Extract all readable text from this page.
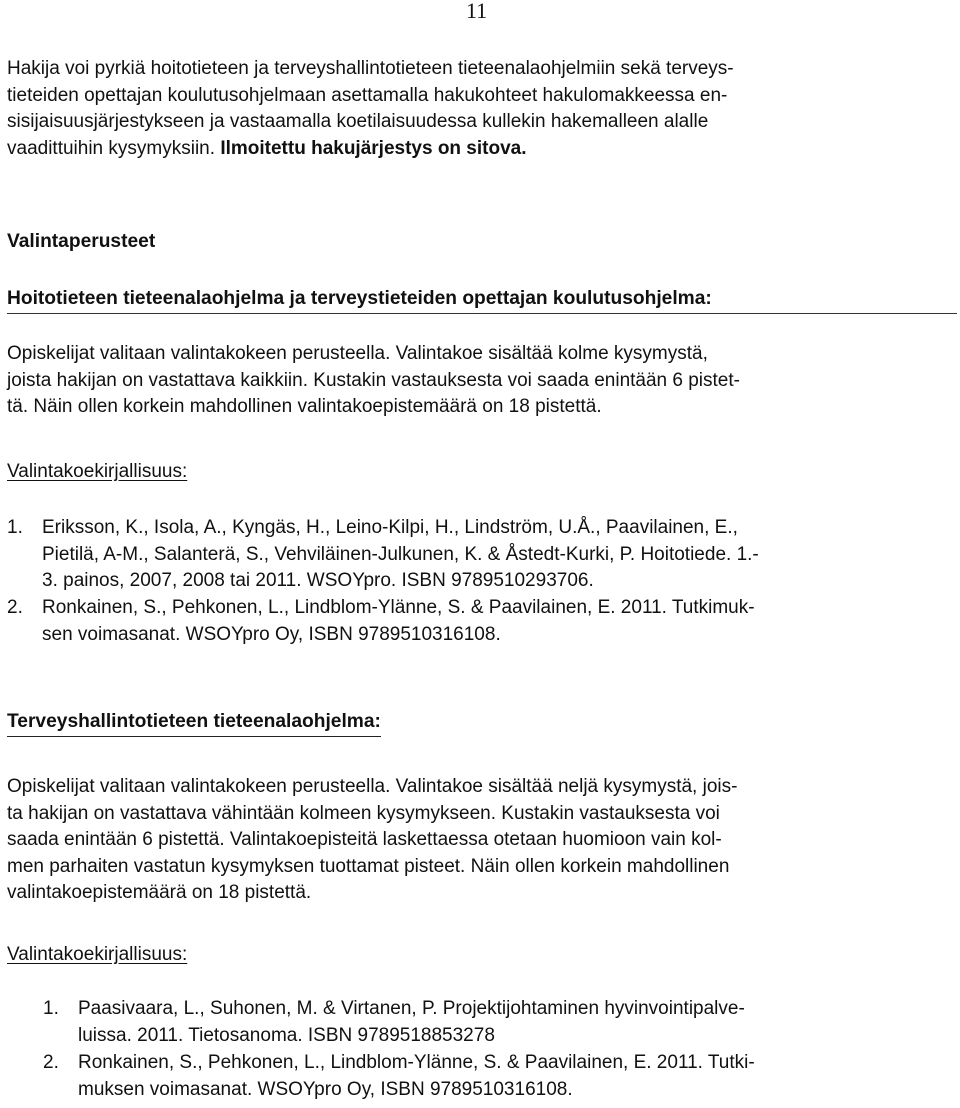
11
Hakija voi pyrkiä hoitotieteen ja terveyshallintotieteen tieteenalaohjelmiin sekä terveys-
tieteiden opettajan koulutusohjelmaan asettamalla hakukohteet hakulomakkeessa en-
sisijaisuusjärjestykseen ja vastaamalla koetilaisuudessa kullekin hakemalleen alalle
vaadittuihin kysymyksiin. Ilmoitettu hakujärjestys on sitova.
Valintaperusteet
Hoitotieteen tieteenalaohjelma ja terveystieteiden opettajan koulutusohjelma:
Opiskelijat valitaan valintakokeen perusteella. Valintakoe sisältää kolme kysymystä,
joista hakijan on vastattava kaikkiin. Kustakin vastauksesta voi saada enintään 6 pistet-
tä. Näin ollen korkein mahdollinen valintakoepistemäärä on 18 pistettä.
Valintakoekirjallisuus:
1. Eriksson, K., Isola, A., Kyngäs, H., Leino-Kilpi, H., Lindström, U.Å., Paavilainen, E.,
Pietilä, A-M., Salanterä, S., Vehviläinen-Julkunen, K. & Åstedt-Kurki, P. Hoitotiede. 1.-
3. painos, 2007, 2008 tai 2011. WSOYpro. ISBN 9789510293706.
2. Ronkainen, S., Pehkonen, L., Lindblom-Ylänne, S. & Paavilainen, E. 2011. Tutkimuk-
sen voimasanat. WSOYpro Oy, ISBN 9789510316108.
Terveyshallintotieteen tieteenalaohjelma:
Opiskelijat valitaan valintakokeen perusteella. Valintakoe sisältää neljä kysymystä, jois-
ta hakijan on vastattava vähintään kolmeen kysymykseen. Kustakin vastauksesta voi
saada enintään 6 pistettä. Valintakoepisteitä laskettaessa otetaan huomioon vain kol-
men parhaiten vastatun kysymyksen tuottamat pisteet. Näin ollen korkein mahdollinen
valintakoepistemäärä on 18 pistettä.
Valintakoekirjallisuus:
1. Paasivaara, L., Suhonen, M. & Virtanen, P. Projektijohtaminen hyvinvointipalve-
luissa. 2011. Tietosanoma. ISBN 9789518853278
2. Ronkainen, S., Pehkonen, L., Lindblom-Ylänne, S. & Paavilainen, E. 2011. Tutki-
muksen voimasanat. WSOYpro Oy, ISBN 9789510316108.
